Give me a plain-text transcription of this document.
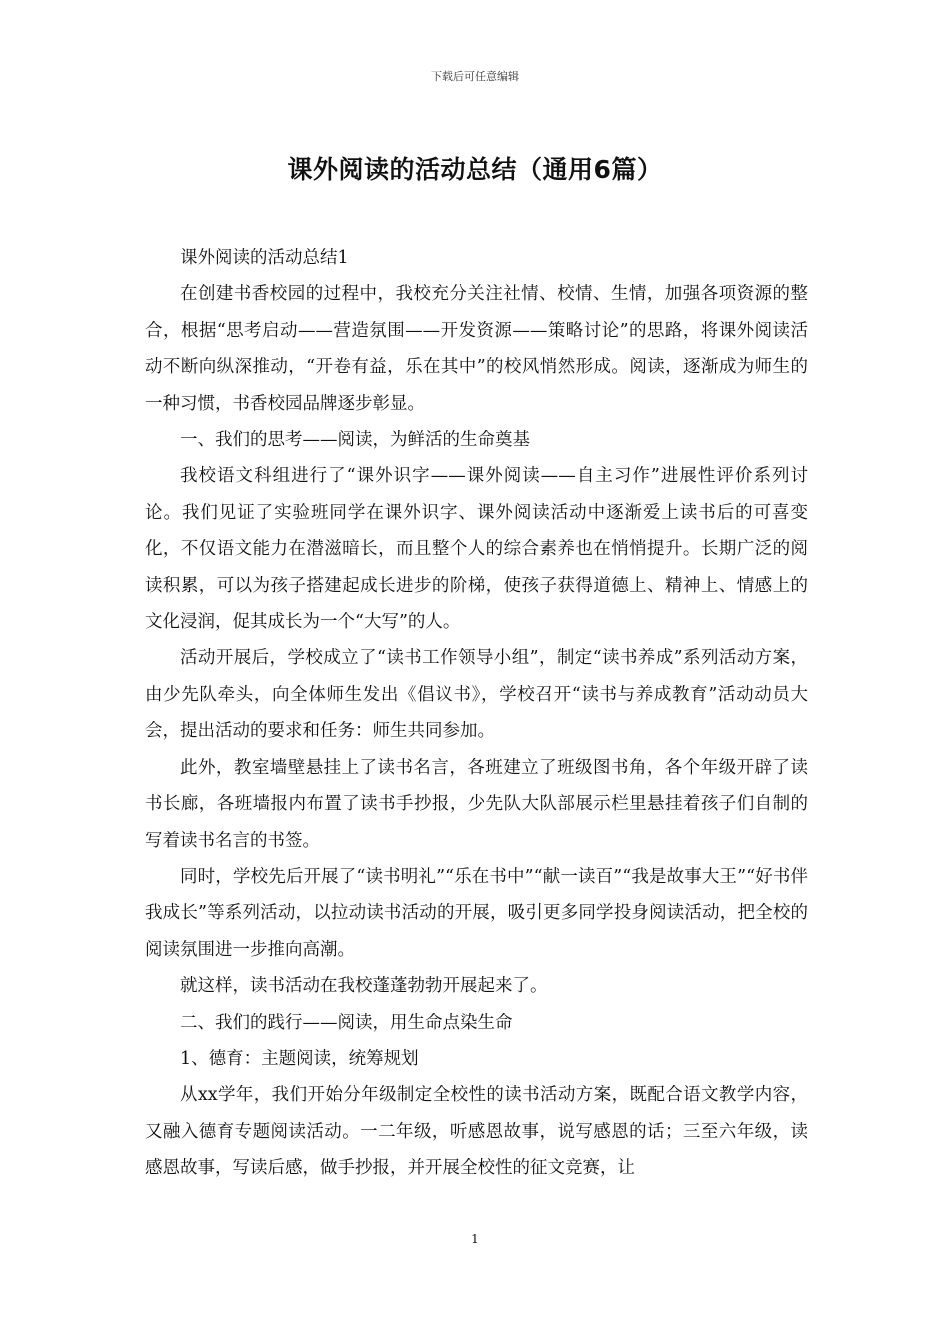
下载后可任意编辑
课外阅读的活动总结（通用6篇）

课外阅读的活动总结1

在创建书香校园的过程中，我校充分关注社情、校情、生情，加强各项资源的整合，根据“思考启动——营造氛围——开发资源——策略讨论”的思路，将课外阅读活动不断向纵深推动，“开卷有益，乐在其中”的校风悄然形成。阅读，逐渐成为师生的一种习惯，书香校园品牌逐步彰显。

一、我们的思考——阅读，为鲜活的生命奠基

我校语文科组进行了“课外识字——课外阅读——自主习作”进展性评价系列讨论。我们见证了实验班同学在课外识字、课外阅读活动中逐渐爱上读书后的可喜变化，不仅语文能力在潜滋暗长，而且整个人的综合素养也在悄悄提升。长期广泛的阅读积累，可以为孩子搭建起成长进步的阶梯，使孩子获得道德上、精神上、情感上的文化浸润，促其成长为一个“大写”的人。

活动开展后，学校成立了“读书工作领导小组”，制定“读书养成”系列活动方案，由少先队牵头，向全体师生发出《倡议书》，学校召开“读书与养成教育”活动动员大会，提出活动的要求和任务：师生共同参加。

此外，教室墙壁悬挂上了读书名言，各班建立了班级图书角，各个年级开辟了读书长廊，各班墙报内布置了读书手抄报，少先队大队部展示栏里悬挂着孩子们自制的写着读书名言的书签。

同时，学校先后开展了“读书明礼”“乐在书中”“献一读百”“我是故事大王”“好书伴我成长”等系列活动，以拉动读书活动的开展，吸引更多同学投身阅读活动，把全校的阅读氛围进一步推向高潮。

就这样，读书活动在我校蓬蓬勃勃开展起来了。

二、我们的践行——阅读，用生命点染生命

1、德育：主题阅读，统筹规划

从xx学年，我们开始分年级制定全校性的读书活动方案，既配合语文教学内容，又融入德育专题阅读活动。一二年级，听感恩故事，说写感恩的话；三至六年级，读感恩故事，写读后感，做手抄报，并开展全校性的征文竞赛，让

1
